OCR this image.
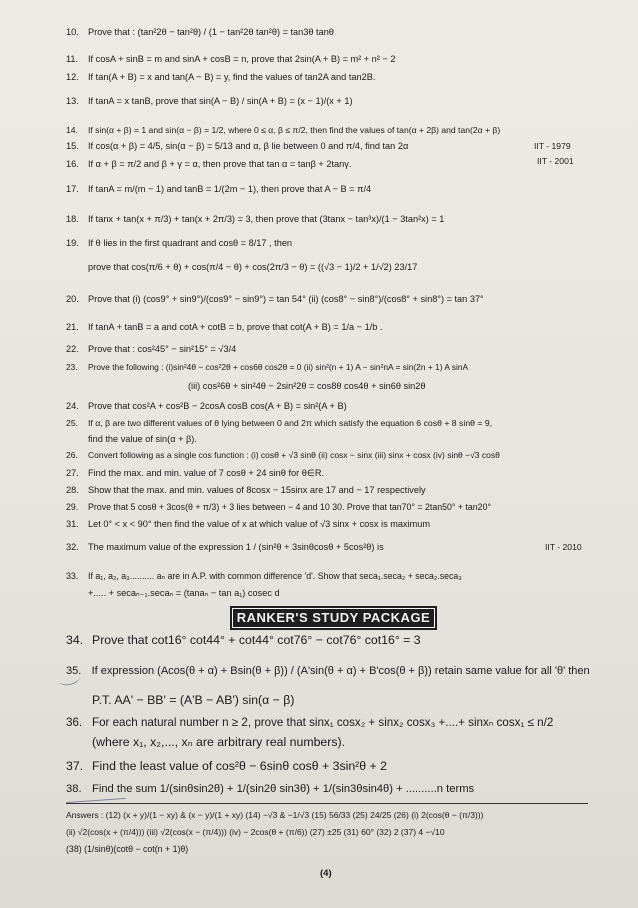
10. Prove that : (tan²2θ − tan²θ) / (1 − tan²2θ tan²θ) = tan3θ tanθ
11. If cosA + sinB = m and sinA + cosB = n, prove that 2sin(A + B) = m² + n² − 2
12. If tan(A + B) = x and tan(A − B) = y, find the values of tan2A and tan2B.
13. If tanA = x tanB, prove that sin(A − B) / sin(A + B) = (x − 1)/(x + 1)
14. If sin(α + β) = 1 and sin(α − β) = 1/2, where 0 ≤ α, β ≤ π/2, then find the values of tan(α + 2β) and tan(2α + β)
15. If cos(α + β) = 4/5, sin(α − β) = 5/13 and α, β lie between 0 and π/4, find tan 2α	IIT - 1979
16. If α + β = π/2 and β + γ = α, then prove that tan α = tanβ + 2tanγ.	IIT - 2001
17. If tanA = m/(m − 1) and tanB = 1/(2m − 1), then prove that A − B = π/4
18. If tanx + tan(x + π/3) + tan(x + 2π/3) = 3, then prove that (3tanx − tan³x)/(1 − 3tan²x) = 1
19. If θ lies in the first quadrant and cosθ = 8/17 , then
prove that cos(π/6 + θ) + cos(π/4 − θ) + cos(2π/3 − θ) = ((√3 − 1)/2 + 1/√2) 23/17
20. Prove that (i) (cos9° + sin9°)/(cos9° − sin9°) = tan 54° (ii) (cos8° − sin8°)/(cos8° + sin8°) = tan 37°
21. If tanA + tanB = a and cotA + cotB = b, prove that cot(A + B) = 1/a − 1/b .
22. Prove that : cos²45° − sin²15° = √3/4
23. Prove the following : (i)sin²4θ − cos²2θ + cos6θ cos2θ = 0 (ii) sin²(n + 1) A − sin²nA = sin(2n + 1) A sinA
(iii) cos²6θ + sin²4θ − 2sin²2θ = cos8θ cos4θ + sin6θ sin2θ
24. Prove that cos²A + cos²B − 2cosA cosB cos(A + B) = sin²(A + B)
25. If α, β are two different values of θ lying between 0 and 2π which satisfy the equation 6 cosθ + 8 sinθ = 9,
find the value of sin(α + β).
26. Convert following as a single cos function : (i) cosθ + √3 sinθ (ii) cosx − sinx (iii) sinx + cosx (iv) sinθ −√3 cosθ
27. Find the max. and min. value of 7 cosθ + 24 sinθ for θ∈R.
28. Show that the max. and min. values of 8cosx − 15sinx are 17 and − 17 respectively
29. Prove that 5 cosθ + 3cos(θ + π/3) + 3 lies between − 4 and 10 30. Prove that tan70° = 2tan50° + tan20°
31. Let 0° < x < 90° then find the value of x at which value of √3 sinx + cosx is maximum
32. The maximum value of the expression 1 / (sin²θ + 3sinθcosθ + 5cos²θ) is	IIT - 2010
33. If a₁, a₂, a₃.......... aₙ are in A.P. with common difference 'd'. Show that seca₁.seca₂ + seca₂.seca₃
+..... + secaₙ₋₁.secaₙ = (tanaₙ − tan a₁) cosec d
RANKER'S STUDY PACKAGE
34. Prove that cot16° cot44° + cot44° cot76° − cot76° cot16° = 3
35. If expression (Acos(θ + α) + Bsin(θ + β)) / (A'sin(θ + α) + B'cos(θ + β)) retain same value for all 'θ' then
P.T. AA' − BB' = (A'B − AB') sin(α − β)
36. For each natural number n ≥ 2, prove that sinx₁ cosx₂ + sinx₂ cosx₃ +....+ sinxₙ cosx₁ ≤ n/2
(where x₁, x₂,..., xₙ are arbitrary real numbers).
37. Find the least value of cos²θ − 6sinθ cosθ + 3sin²θ + 2
38. Find the sum 1/(sinθsin2θ) + 1/(sin2θ sin3θ) + 1/(sin3θsin4θ) + ..........n terms
Answers : (12) (x + y)/(1 − xy) & (x − y)/(1 + xy) (14) −√3 & −1/√3 (15) 56/33 (25) 24/25 (26) (i) 2(cos(θ − (π/3)))
(ii) √2(cos(x + (π/4))) (iii) √2(cos(x − (π/4))) (iv) − 2cos(θ + (π/6)) (27) ±25 (31) 60° (32) 2 (37) 4 −√10
(38) (1/sinθ)(cotθ − cot(n + 1)θ)
(4)
